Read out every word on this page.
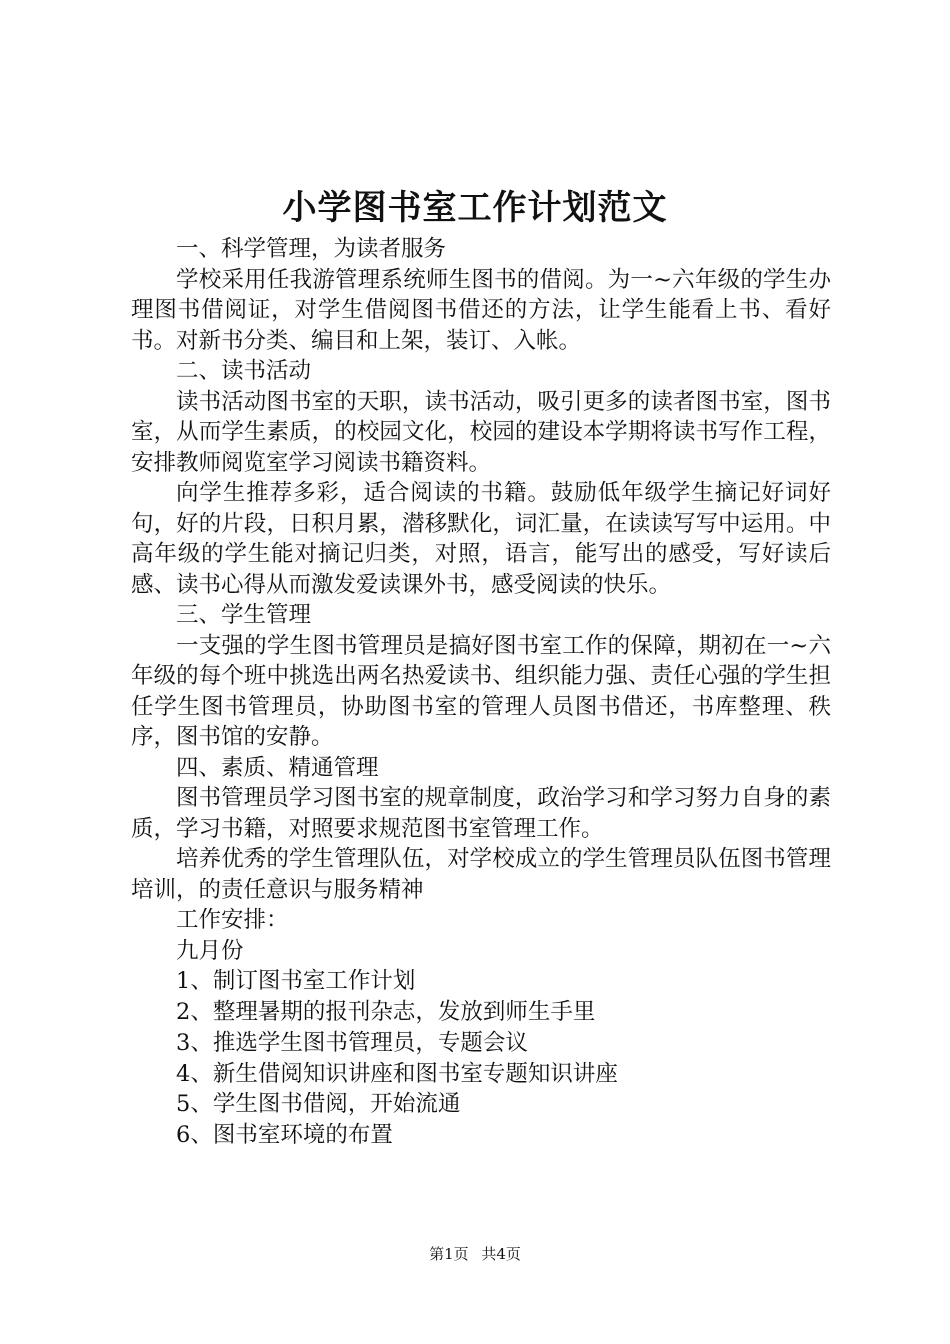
小学图书室工作计划范文

一、科学管理，为读者服务

学校采用任我游管理系统师生图书的借阅。为一~六年级的学生办理图书借阅证，对学生借阅图书借还的方法，让学生能看上书、看好书。对新书分类、编目和上架，装订、入帐。

二、读书活动

读书活动图书室的天职，读书活动，吸引更多的读者图书室，图书室，从而学生素质，的校园文化，校园的建设本学期将读书写作工程，安排教师阅览室学习阅读书籍资料。

向学生推荐多彩，适合阅读的书籍。鼓励低年级学生摘记好词好句，好的片段，日积月累，潜移默化，词汇量，在读读写写中运用。中高年级的学生能对摘记归类，对照，语言，能写出的感受，写好读后感、读书心得从而激发爱读课外书，感受阅读的快乐。

三、学生管理

一支强的学生图书管理员是搞好图书室工作的保障，期初在一~六年级的每个班中挑选出两名热爱读书、组织能力强、责任心强的学生担任学生图书管理员，协助图书室的管理人员图书借还，书库整理、秩序，图书馆的安静。

四、素质、精通管理

图书管理员学习图书室的规章制度，政治学习和学习努力自身的素质，学习书籍，对照要求规范图书室管理工作。

培养优秀的学生管理队伍，对学校成立的学生管理员队伍图书管理培训，的责任意识与服务精神

工作安排：

九月份

1、制订图书室工作计划

2、整理暑期的报刊杂志，发放到师生手里

3、推选学生图书管理员，专题会议

4、新生借阅知识讲座和图书室专题知识讲座

5、学生图书借阅，开始流通

6、图书室环境的布置

第1页 共4页
